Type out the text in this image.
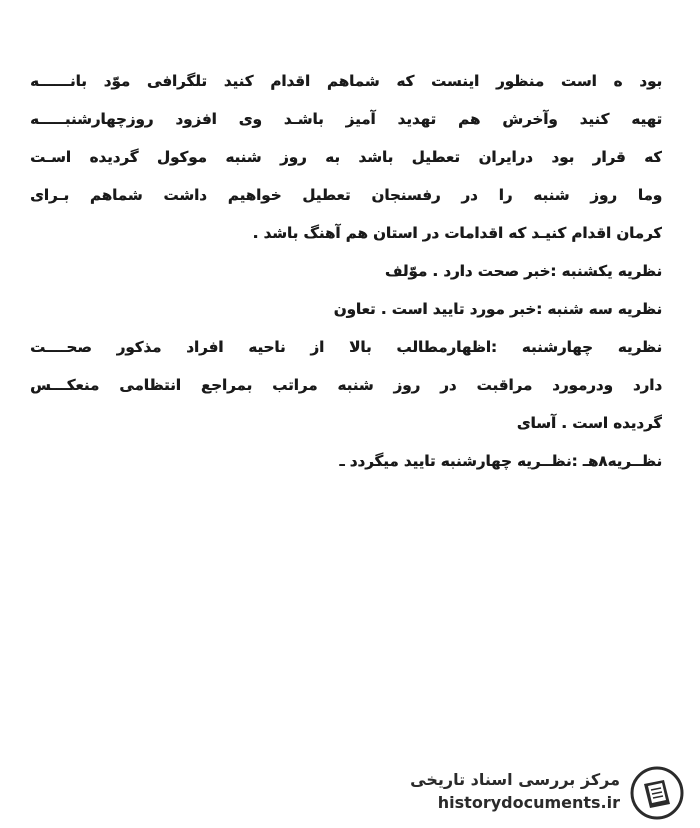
بود ه است منظور اینست که شماهم اقدام کنید تلگرافی موّد بانــــــه
تهیه کنید وآخرش هم تهدید آمیز باشـد وی افزود روزچهارشنبـــــه
که قرار بود درایران تعطیل باشد به روز شنبه موکول گردیده اسـت
وما روز شنبه را در رفسنجان تعطیل خواهیم داشت شماهم بـرای
کرمان اقدام کنیـد که اقدامات در استان هم آهنگ باشد .
نظریه یکشنبه :خبر صحت دارد . موّلف
نظریه سه شنبه :خبر مورد تایید است . تعاون
نظریه چهارشنبه :اظهارمطالب بالا از ناحیه افراد مذکور صحــــت
دارد ودرمورد مراقبت در روز شنبه مراتب بمراجع انتظامی منعکـــس
گردیده است . آسای
نظــریه۸هـ :نظــریه چهارشنبه تایید میگردد ـ
مرکز بررسی اسناد تاریخی
historydocuments.ir
